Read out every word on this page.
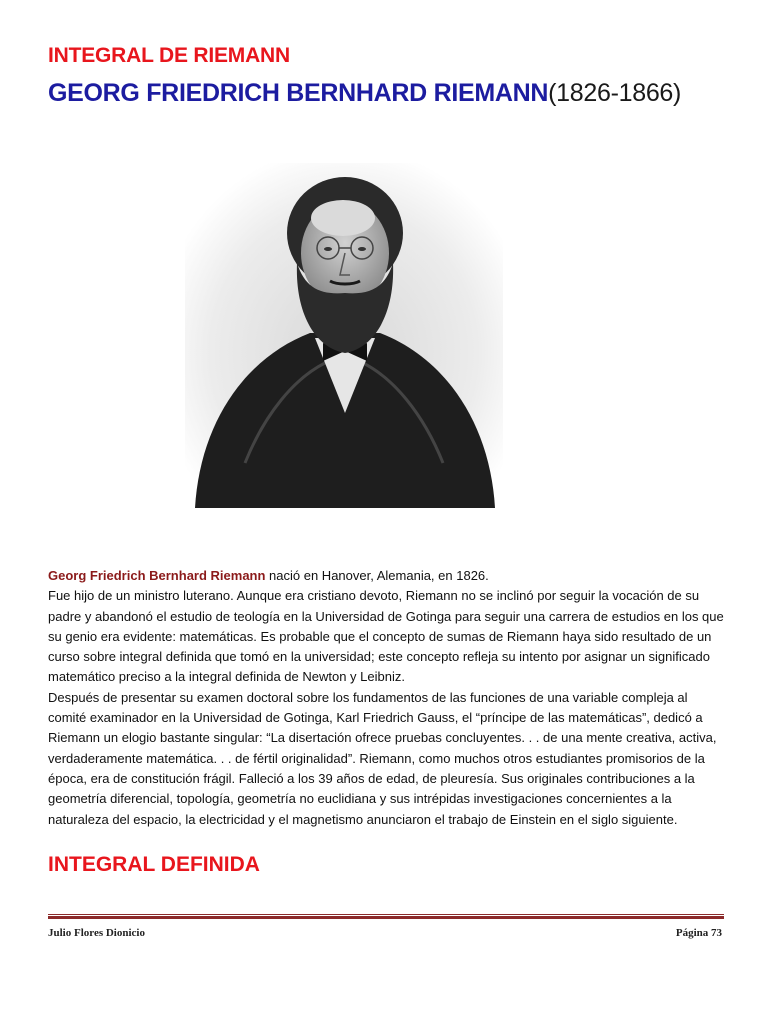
INTEGRAL DE RIEMANN
GEORG FRIEDRICH BERNHARD RIEMANN(1826-1866)

Georg Friedrich Bernhard Riemann nació en Hanover, Alemania, en 1826.

Fue hijo de un ministro luterano. Aunque era cristiano devoto, Riemann no se inclinó por seguir la vocación de su padre y abandonó el estudio de teología en la Universidad de Gotinga para seguir una carrera de estudios en los que su genio era evidente: matemáticas. Es probable que el concepto de sumas de Riemann haya sido resultado de un curso sobre integral definida que tomó en la universidad; este concepto refleja su intento por asignar un significado matemático preciso a la integral definida de Newton y Leibniz.

Después de presentar su examen doctoral sobre los fundamentos de las funciones de una variable compleja al comité examinador en la Universidad de Gotinga, Karl Friedrich Gauss, el “príncipe de las matemáticas”, dedicó a Riemann un elogio bastante singular: “La disertación ofrece pruebas concluyentes. . . de una mente creativa, activa, verdaderamente matemática. . . de fértil originalidad”. Riemann, como muchos otros estudiantes promisorios de la época, era de constitución frágil. Falleció a los 39 años de edad, de pleuresía. Sus originales contribuciones a la geometría diferencial, topología, geometría no euclidiana y sus intrépidas investigaciones concernientes a la naturaleza del espacio, la electricidad y el magnetismo anunciaron el trabajo de Einstein en el siglo siguiente.

INTEGRAL DEFINIDA
Julio Flores Dionicio	Página 73
